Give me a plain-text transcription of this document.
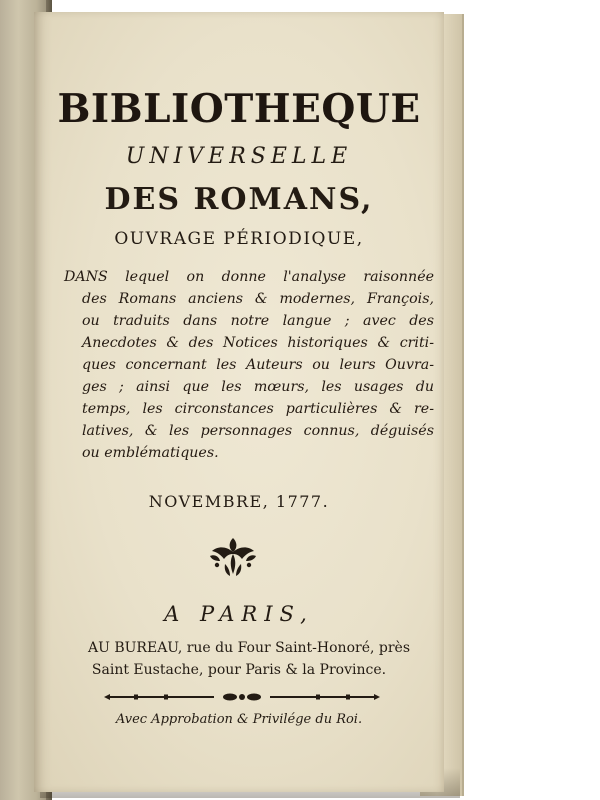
BIBLIOTHEQUE
UNIVERSELLE
DES ROMANS,
OUVRAGE PÉRIODIQUE,
DANS lequel on donne l'analyse raisonnée
des Romans anciens & modernes, François,
ou traduits dans notre langue ; avec des
Anecdotes & des Notices historiques & criti-
ques concernant les Auteurs ou leurs Ouvra-
ges ; ainsi que les mœurs, les usages du
temps, les circonstances particulières & re-
latives, & les personnages connus, déguisés
ou emblématiques.
NOVEMBRE, 1777.
A PARIS,
AU BUREAU, rue du Four Saint-Honoré, près
Saint Eustache, pour Paris & la Province.
Avec Approbation & Privilége du Roi.
